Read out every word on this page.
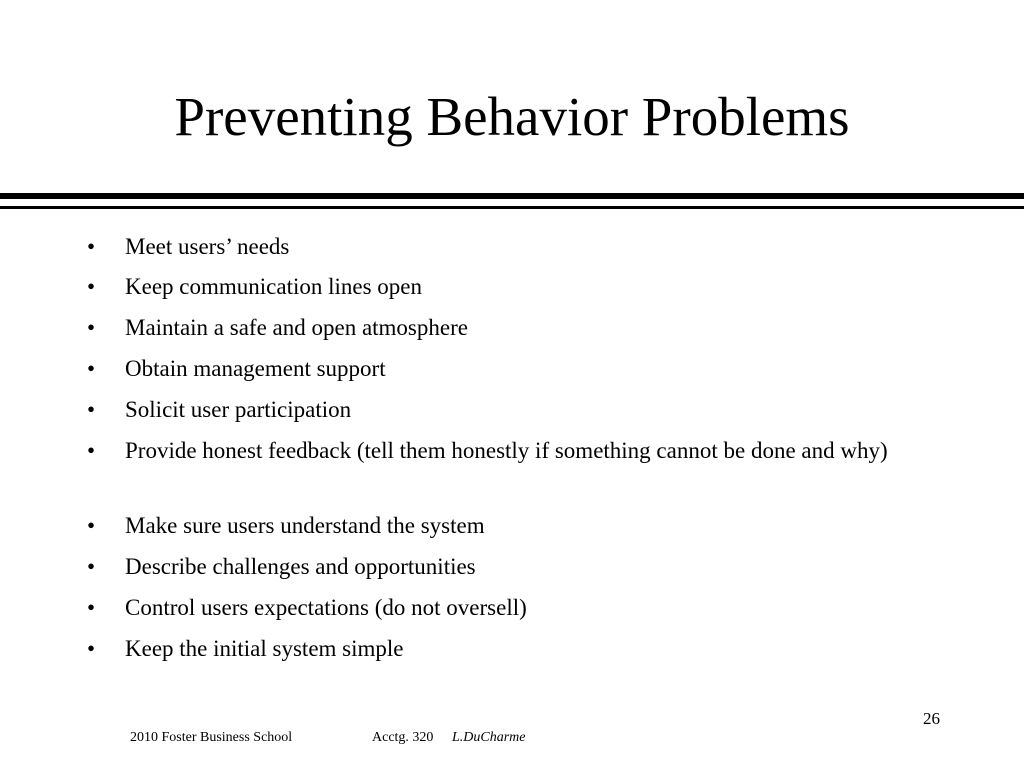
Preventing Behavior Problems
• Meet users’ needs
• Keep communication lines open
• Maintain a safe and open atmosphere
• Obtain management support
• Solicit user participation
• Provide honest feedback (tell them honestly if something cannot be done and why)
• Make sure users understand the system
• Describe challenges and opportunities
• Control users expectations (do not oversell)
• Keep the initial system simple
26
2010 Foster Business School	Acctg. 320 L.DuCharme
